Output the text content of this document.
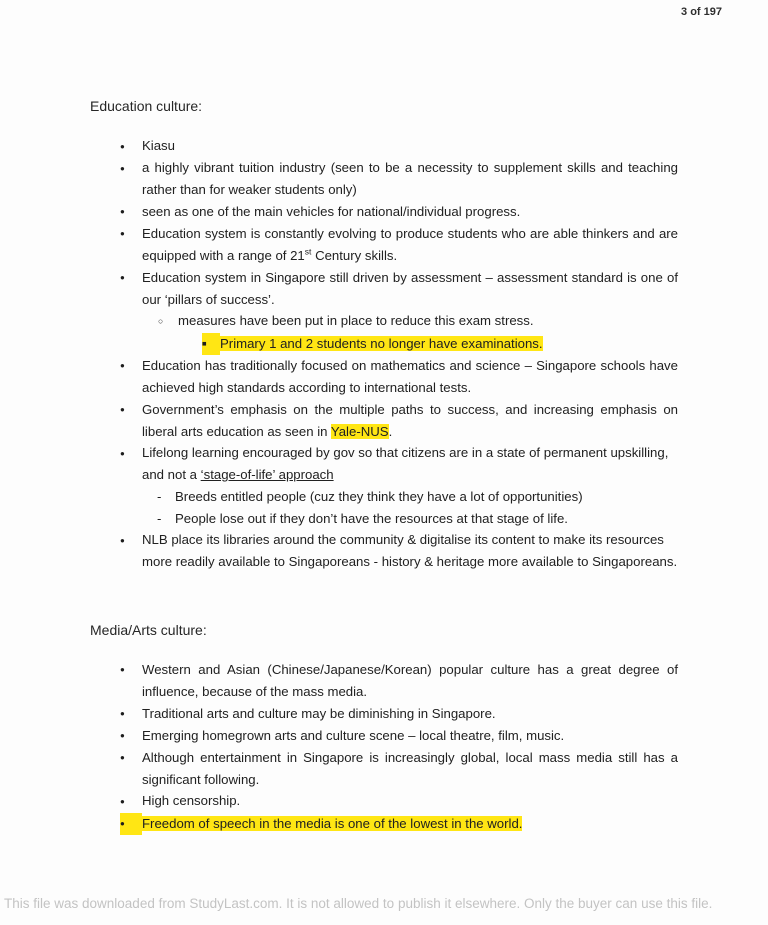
3 of 197
Education culture:
● Kiasu
● a highly vibrant tuition industry (seen to be a necessity to supplement skills and teaching rather than for weaker students only)
● seen as one of the main vehicles for national/individual progress.
● Education system is constantly evolving to produce students who are able thinkers and are equipped with a range of 21st Century skills.
● Education system in Singapore still driven by assessment – assessment standard is one of our ‘pillars of success’.
○ measures have been put in place to reduce this exam stress.
■ Primary 1 and 2 students no longer have examinations.
● Education has traditionally focused on mathematics and science – Singapore schools have achieved high standards according to international tests.
● Government’s emphasis on the multiple paths to success, and increasing emphasis on liberal arts education as seen in Yale-NUS.
● Lifelong learning encouraged by gov so that citizens are in a state of permanent upskilling, and not a ‘stage-of-life’ approach
- Breeds entitled people (cuz they think they have a lot of opportunities)
- People lose out if they don’t have the resources at that stage of life.
● NLB place its libraries around the community & digitalise its content to make its resources more readily available to Singaporeans - history & heritage more available to Singaporeans.
Media/Arts culture:
● Western and Asian (Chinese/Japanese/Korean) popular culture has a great degree of influence, because of the mass media.
● Traditional arts and culture may be diminishing in Singapore.
● Emerging homegrown arts and culture scene – local theatre, film, music.
● Although entertainment in Singapore is increasingly global, local mass media still has a significant following.
● High censorship.
● Freedom of speech in the media is one of the lowest in the world.
This file was downloaded from StudyLast.com. It is not allowed to publish it elsewhere. Only the buyer can use this file.
